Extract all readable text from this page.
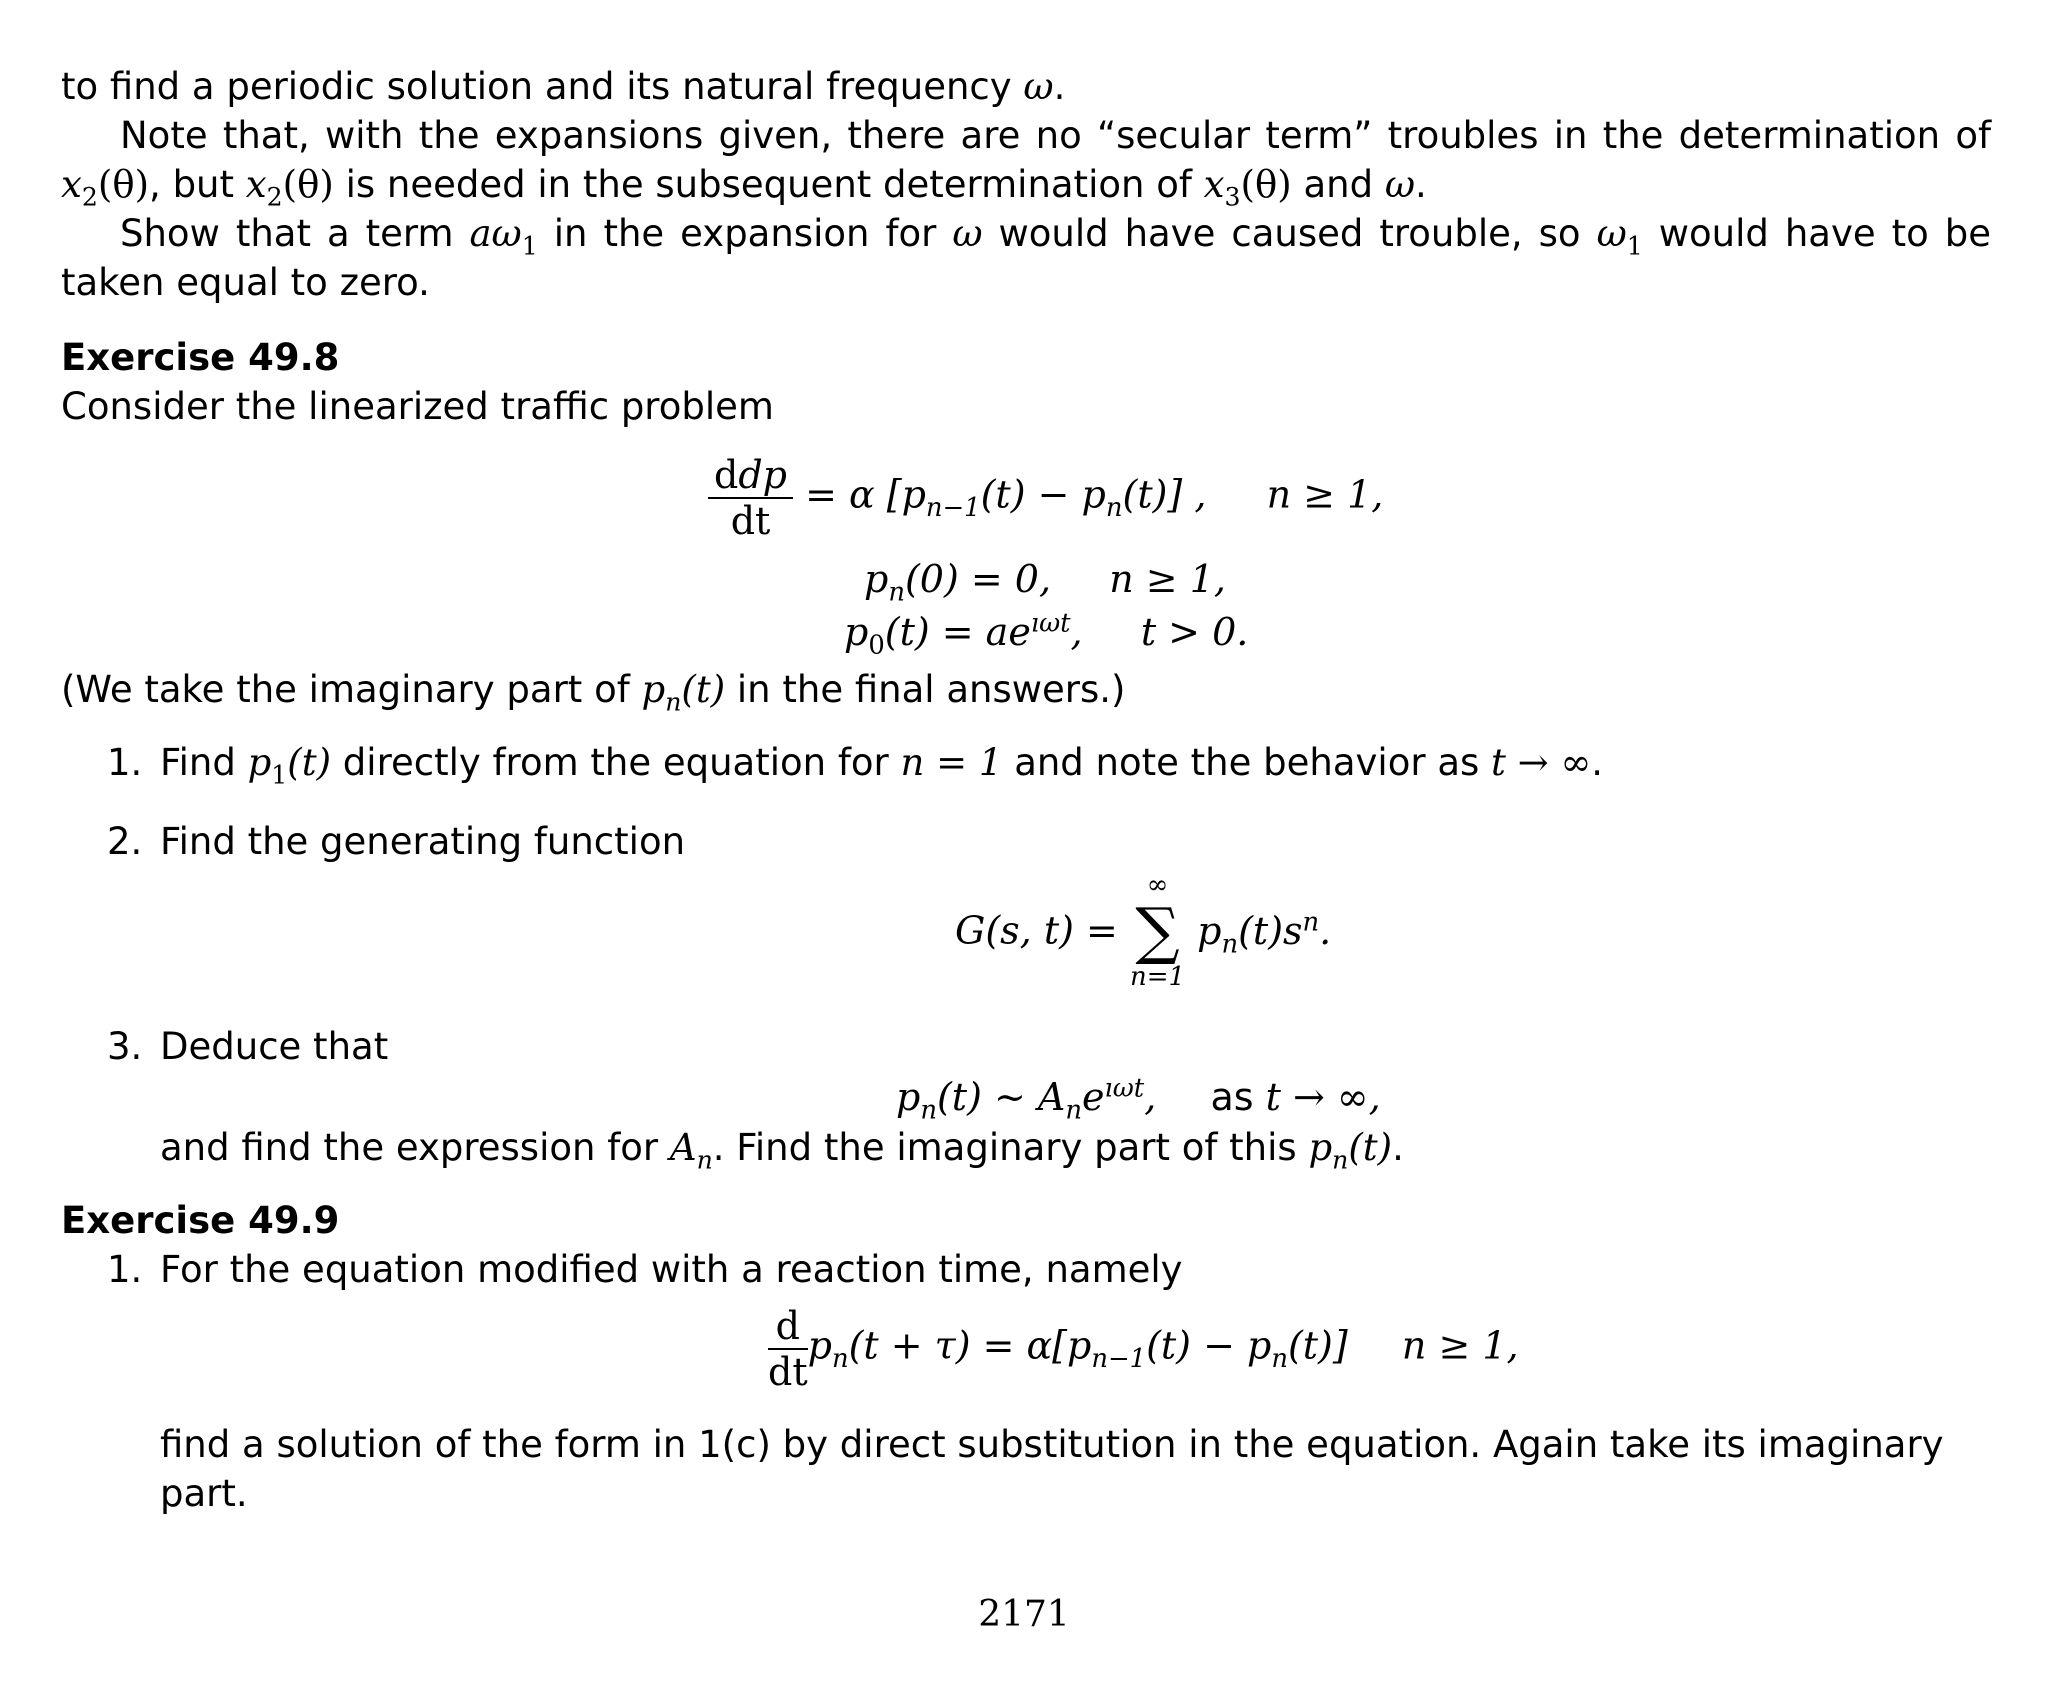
to find a periodic solution and its natural frequency ω.

Note that, with the expansions given, there are no “secular term” troubles in the determination of $x_2(\theta)$, but $x_2(\theta)$ is needed in the subsequent determination of $x_3(\theta)$ and ω.

Show that a term $a\omega_1$ in the expansion for ω would have caused trouble, so $\omega_1$ would have to be taken equal to zero.

Exercise 49.8

Consider the linearized traffic problem

$\frac{\text{ddp}}{dt} = \alpha$ $[p_{n-1}(t) - p_n(t)]$ , n ≥ 1,
$p_n(0) = 0$, n ≥ 1,
$p_0(t) = ae^{ı\omega t}$, t > 0.

(We take the imaginary part of $p_n(t)$ in the final answers.)

1. Find $p_1(t)$ directly from the equation for n = 1 and note the behavior as t → ∞.
2. Find the generating function
G(s, t) =
∞
∑
n=1
$p_n(t)s^n$.
3. Deduce that
$p_n(t)$ ∼ $A_ne^{ı\omega t}$, as t → ∞,
and find the expression for $A_n$. Find the imaginary part of this $p_n(t)$.
Exercise 49.9
1. For the equation modified with a reaction time, namely
$\frac{d}{dt} p_n(t + \tau) = \alpha[p_{n-1}(t) - p_n(t)] n \ge 1$,
find a solution of the form in 1(c) by direct substitution in the equation. Again take its imaginary part.
2171
